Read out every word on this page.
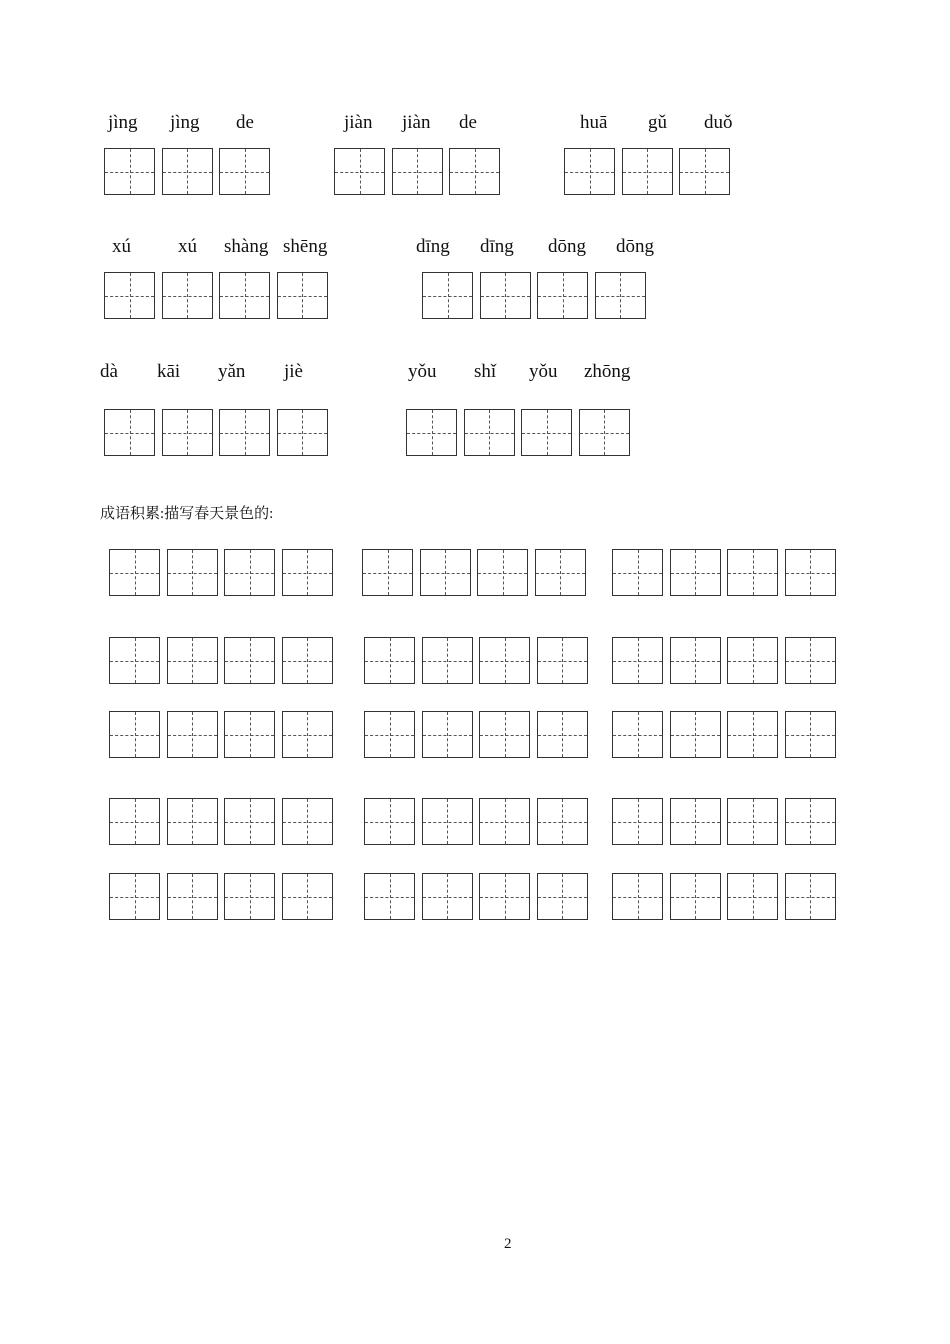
jìng jìng de	jiàn jiàn de	huā gǔ duǒ
xú xú shàng shēng	dīng dīng dōng dōng
dà kāi yǎn jiè	yǒu shǐ yǒu zhōng
成语积累:描写春天景色的:
2
